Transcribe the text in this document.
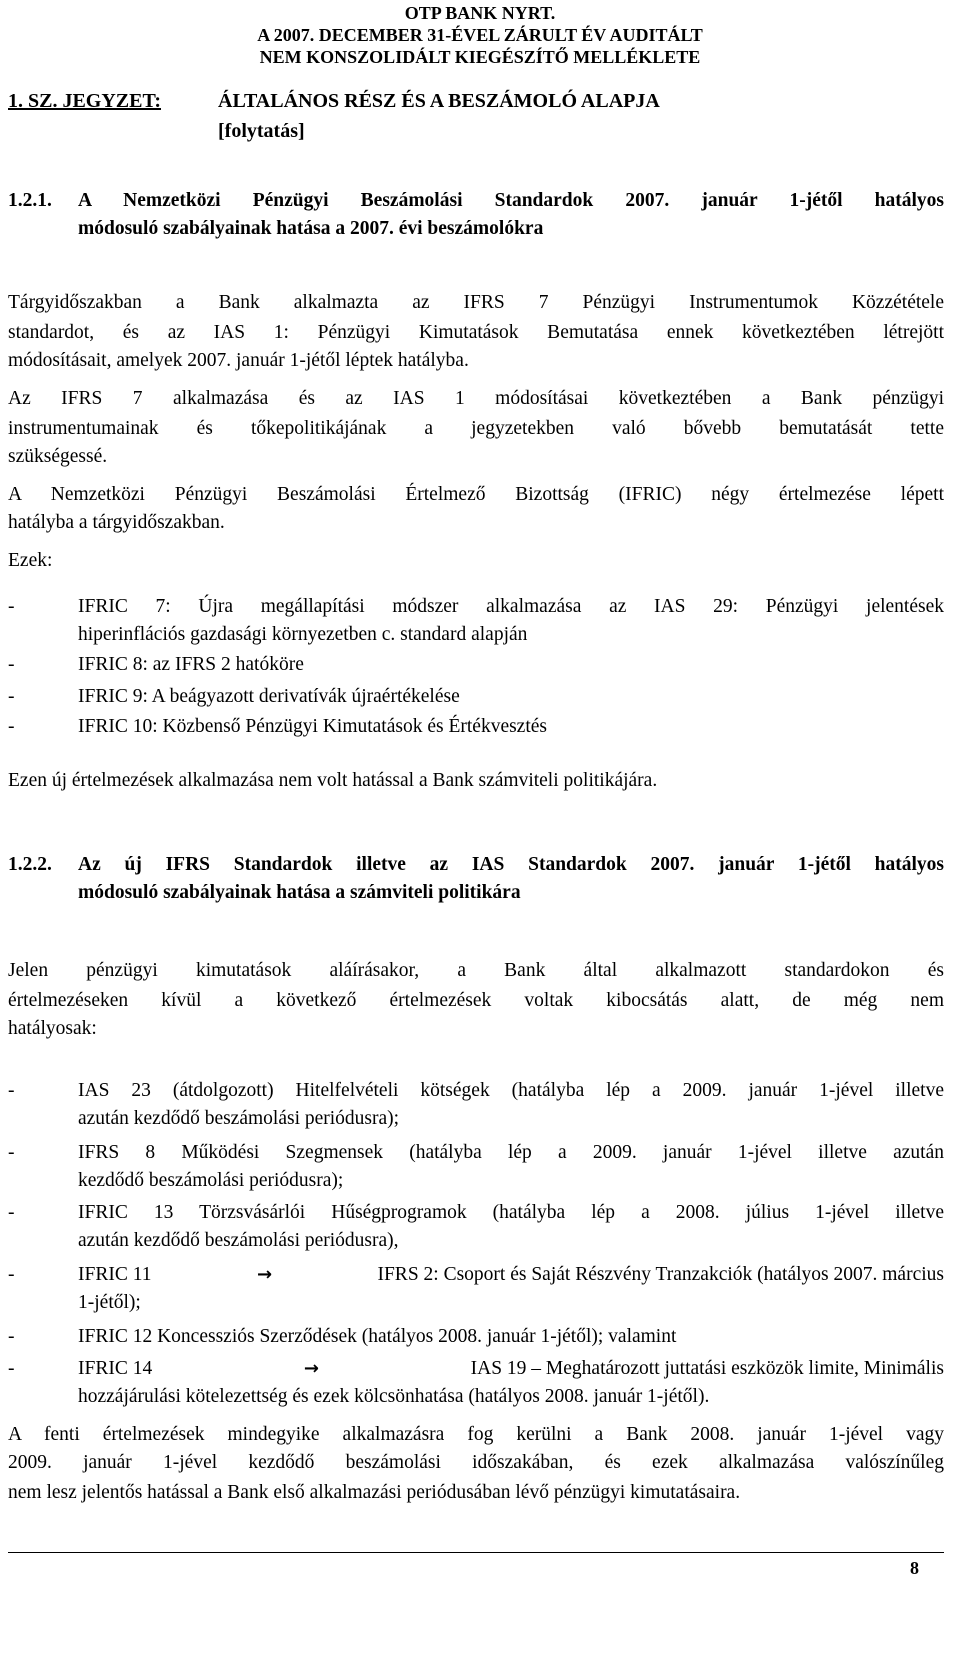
OTP BANK NYRT.
A 2007. DECEMBER 31-ÉVEL ZÁRULT ÉV AUDITÁLT
NEM KONSZOLIDÁLT KIEGÉSZÍTŐ MELLÉKLETE
1. SZ. JEGYZET:	ÁLTALÁNOS RÉSZ ÉS A BESZÁMOLÓ ALAPJA
[folytatás]
1.2.1. A Nemzetközi Pénzügyi Beszámolási Standardok 2007. január 1-jétől hatályos
módosuló szabályainak hatása a 2007. évi beszámolókra
Tárgyidőszakban a Bank alkalmazta az IFRS 7 Pénzügyi Instrumentumok Közzététele
standardot, és az IAS 1: Pénzügyi Kimutatások Bemutatása ennek következtében létrejött
módosításait, amelyek 2007. január 1-jétől léptek hatályba.
Az IFRS 7 alkalmazása és az IAS 1 módosításai következtében a Bank pénzügyi
instrumentumainak és tőkepolitikájának a jegyzetekben való bővebb bemutatását tette
szükségessé.
A Nemzetközi Pénzügyi Beszámolási Értelmező Bizottság (IFRIC) négy értelmezése lépett
hatályba a tárgyidőszakban.
Ezek:
-	IFRIC 7: Újra megállapítási módszer alkalmazása az IAS 29: Pénzügyi jelentések
hiperinflációs gazdasági környezetben c. standard alapján
-	IFRIC 8: az IFRS 2 hatóköre
-	IFRIC 9: A beágyazott derivatívák újraértékelése
-	IFRIC 10: Közbenső Pénzügyi Kimutatások és Értékvesztés
Ezen új értelmezések alkalmazása nem volt hatással a Bank számviteli politikájára.
1.2.2. Az új IFRS Standardok illetve az IAS Standardok 2007. január 1-jétől hatályos
módosuló szabályainak hatása a számviteli politikára
Jelen pénzügyi kimutatások aláírásakor, a Bank által alkalmazott standardokon és
értelmezéseken kívül a következő értelmezések voltak kibocsátás alatt, de még nem
hatályosak:
-	IAS 23 (átdolgozott) Hitelfelvételi kötségek (hatályba lép a 2009. január 1-jével illetve
azután kezdődő beszámolási periódusra);
-	IFRS 8 Működési Szegmensek (hatályba lép a 2009. január 1-jével illetve azután
kezdődő beszámolási periódusra);
-	IFRIC 13 Törzsvásárlói Hűségprogramok (hatályba lép a 2008. július 1-jével illetve
azután kezdődő beszámolási periódusra),
-	IFRIC 11	→	IFRS 2: Csoport és Saját Részvény Tranzakciók (hatályos 2007. március
1-jétől);
-	IFRIC 12 Koncessziós Szerződések (hatályos 2008. január 1-jétől); valamint
-	IFRIC 14	→	IAS 19 – Meghatározott juttatási eszközök limite, Minimális
hozzájárulási kötelezettség és ezek kölcsönhatása (hatályos 2008. január 1-jétől).
A fenti értelmezések mindegyike alkalmazásra fog kerülni a Bank 2008. január 1-jével vagy
2009. január 1-jével kezdődő beszámolási időszakában, és ezek alkalmazása valószínűleg
nem lesz jelentős hatással a Bank első alkalmazási periódusában lévő pénzügyi kimutatásaira.
8
